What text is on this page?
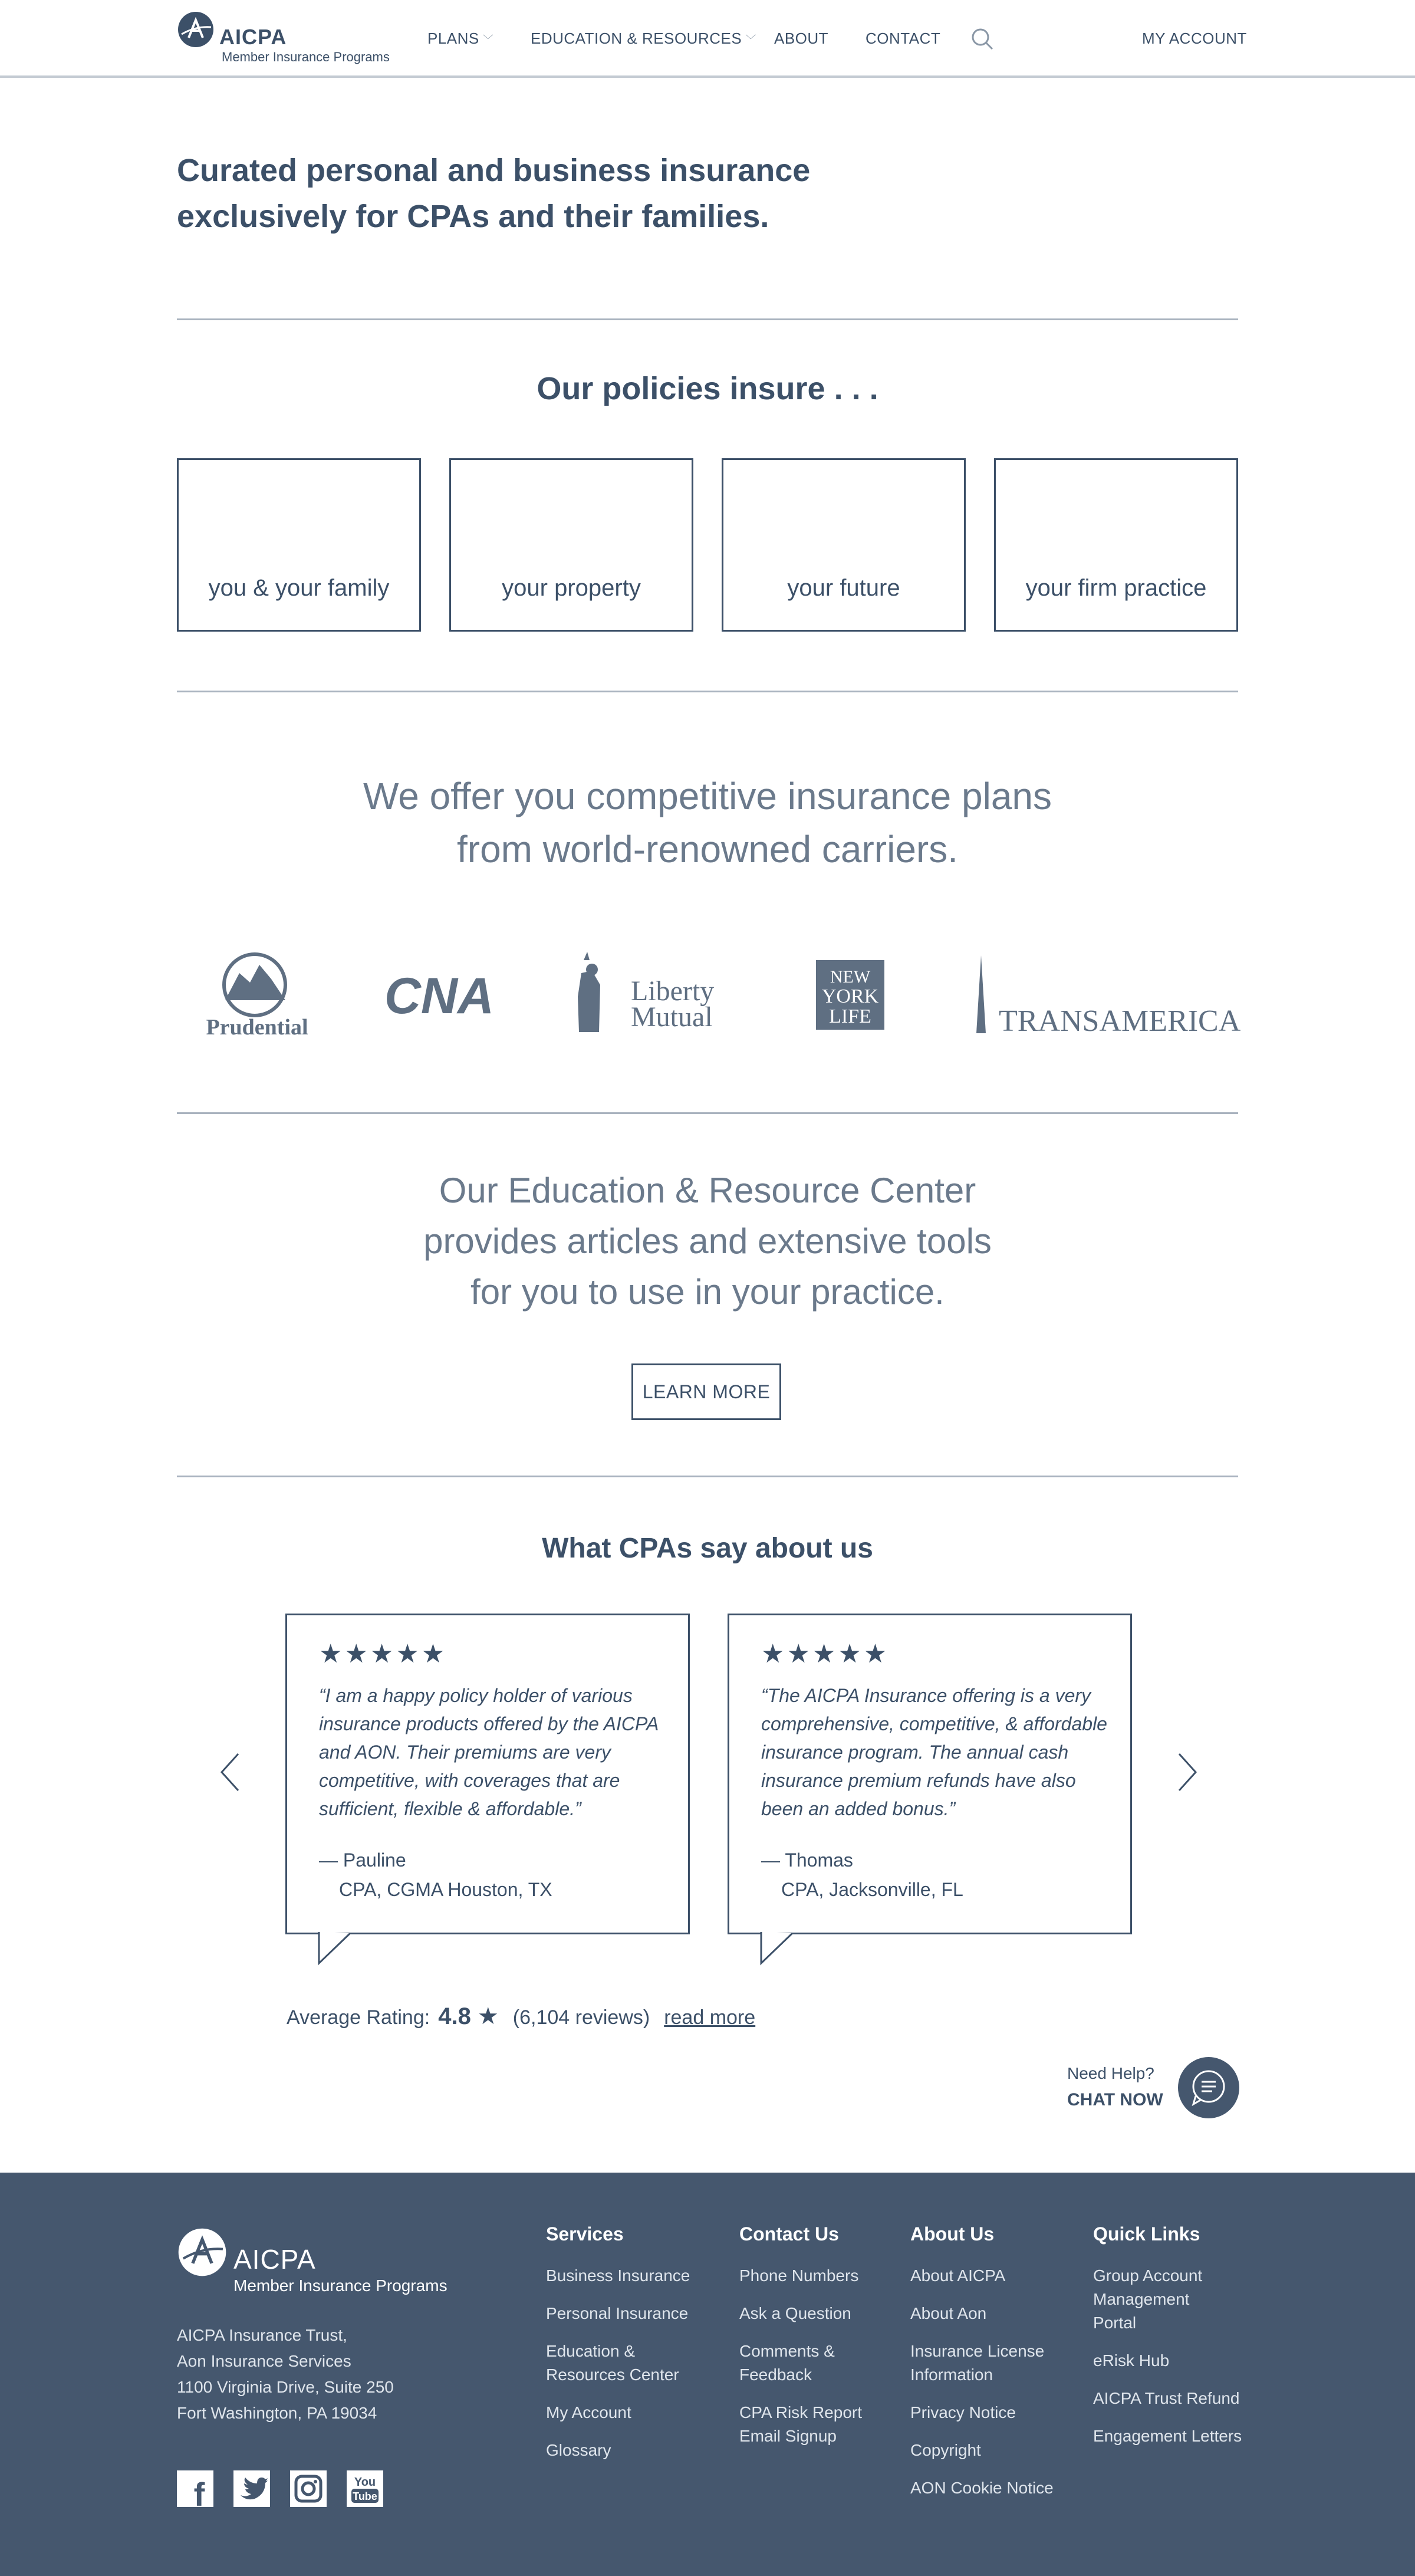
AICPA
Member Insurance Programs
PLANS ﹀ EDUCATION & RESOURCES ﹀ ABOUT CONTACT	MY ACCOUNT
Curated personal and business insurance
exclusively for CPAs and their families.
Our policies insure . . .
you & your family	your property	your future	your firm practice
We offer you competitive insurance plans
from world-renowned carriers.
Prudential
CNA	Liberty
Mutual
NEW
YORK
LIFE	TRANSAMERICA
Our Education & Resource Center
provides articles and extensive tools
for you to use in your practice.
LEARN MORE
What CPAs say about us
★★★★★
“I am a happy policy holder of various insurance products offered by the AICPA and AON. Their premiums are very competitive, with coverages that are sufficient, flexible & affordable.”
— Pauline
CPA, CGMA Houston, TX
★★★★★
“The AICPA Insurance offering is a very comprehensive, competitive, & affordable insurance program. The annual cash insurance premium refunds have also been an added bonus.”
— Thomas
CPA, Jacksonville, FL
Average Rating: 4.8 ★ (6,104 reviews) read more
Need Help?
CHAT NOW
AICPA
Member Insurance Programs
AICPA Insurance Trust,
Aon Insurance Services
1100 Virginia Drive, Suite 250
Fort Washington, PA 19034
f	You
Tube
Services
Business Insurance
Personal Insurance
Education & Resources Center
My Account
Glossary
Contact Us
Phone Numbers
Ask a Question
Comments & Feedback
CPA Risk Report Email Signup
About Us
About AICPA
About Aon
Insurance License Information
Privacy Notice
Copyright
AON Cookie Notice
Quick Links
Group Account Management Portal
eRisk Hub
AICPA Trust Refund
Engagement Letters
